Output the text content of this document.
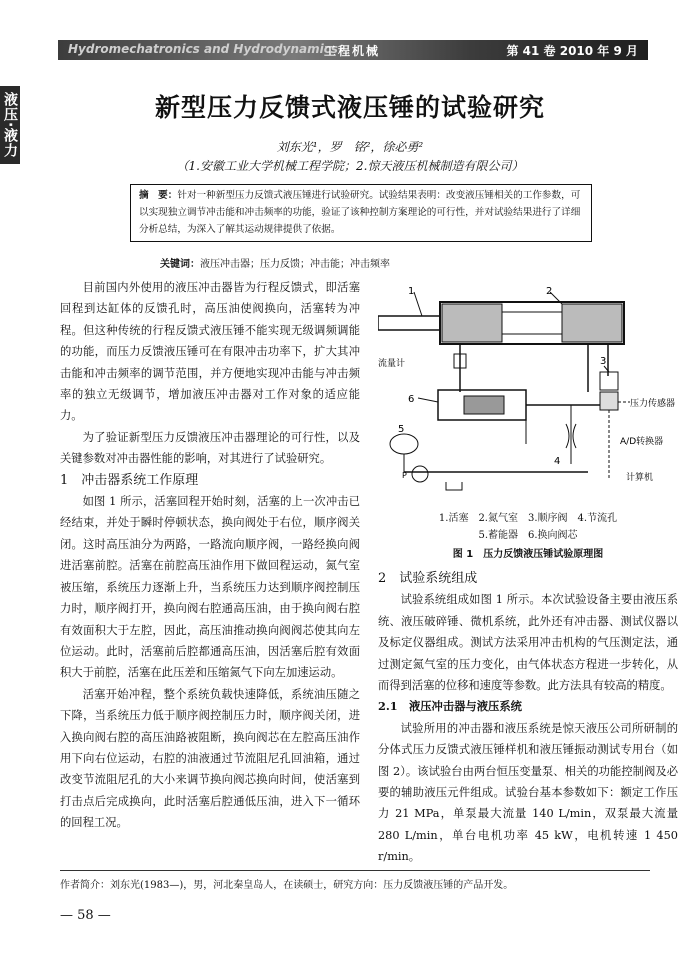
Hydromechatronics and Hydrodynamics
工程机械	第 41 卷 2010 年 9 月
液压·液力	新型压力反馈式液压锤的试验研究
刘东光¹，罗　铭²，徐必勇²
（1.安徽工业大学机械工程学院；2.惊天液压机械制造有限公司）
摘　要：针对一种新型压力反馈式液压锤进行试验研究。试验结果表明：改变液压锤相关的工作参数，可以实现独立调节冲击能和冲击频率的功能，验证了该种控制方案理论的可行性，并对试验结果进行了详细分析总结，为深入了解其运动规律提供了依据。
关键词：液压冲击器；压力反馈；冲击能；冲击频率

目前国内外使用的液压冲击器皆为行程反馈式，即活塞回程到达缸体的反馈孔时，高压油使阀换向，活塞转为冲程。但这种传统的行程反馈式液压锤不能实现无级调频调能的功能，而压力反馈液压锤可在有限冲击功率下，扩大其冲击能和冲击频率的调节范围，并方便地实现冲击能与冲击频率的独立无级调节，增加液压冲击器对工作对象的适应能力。

为了验证新型压力反馈液压冲击器理论的可行性，以及关键参数对冲击器性能的影响，对其进行了试验研究。

1　冲击器系统工作原理

如图 1 所示，活塞回程开始时刻，活塞的上一次冲击已经结束，并处于瞬时停顿状态，换向阀处于右位，顺序阀关闭。这时高压油分为两路，一路流向顺序阀，一路经换向阀进活塞前腔。活塞在前腔高压油作用下做回程运动，氮气室被压缩，系统压力逐渐上升，当系统压力达到顺序阀控制压力时，顺序阀打开，换向阀右腔通高压油，由于换向阀右腔有效面积大于左腔，因此，高压油推动换向阀阀芯使其向左位运动。此时，活塞前后腔都通高压油，因活塞后腔有效面积大于前腔，活塞在此压差和压缩氮气下向左加速运动。

活塞开始冲程，整个系统负载快速降低，系统油压随之下降，当系统压力低于顺序阀控制压力时，顺序阀关闭，进入换向阀右腔的高压油路被阻断，换向阀芯在左腔高压油作用下向右位运动，右腔的油液通过节流阻尼孔回油箱，通过改变节流阻尼孔的大小来调节换向阀芯换向时间，使活塞到打击点后完成换向，此时活塞后腔通低压油，进入下一循环的回程工况。

1	2
流量计	3
压力传感器
6
4
5
P
A/D转换器
计算机
1.活塞　2.氮气室　3.顺序阀　4.节流孔
5.蓄能器　6.换向阀芯
图 1　压力反馈液压锤试验原理图

2　试验系统组成

试验系统组成如图 1 所示。本次试验设备主要由液压系统、液压破碎锤、微机系统，此外还有冲击器、测试仪器以及标定仪器组成。测试方法采用冲击机构的气压测定法，通过测定氮气室的压力变化，由气体状态方程进一步转化，从而得到活塞的位移和速度等参数。此方法具有较高的精度。

2.1　液压冲击器与液压系统

试验所用的冲击器和液压系统是惊天液压公司所研制的分体式压力反馈式液压锤样机和液压锤振动测试专用台（如图 2）。该试验台由两台恒压变量泵、相关的功能控制阀及必要的辅助液压元件组成。试验台基本参数如下：额定工作压力 21 MPa，单泵最大流量 140 L/min，双泵最大流量 280 L/min，单台电机功率 45 kW，电机转速 1 450 r/min。

作者简介：刘东光(1983—)，男，河北秦皇岛人，在读硕士，研究方向：压力反馈液压锤的产品开发。
— 58 —
